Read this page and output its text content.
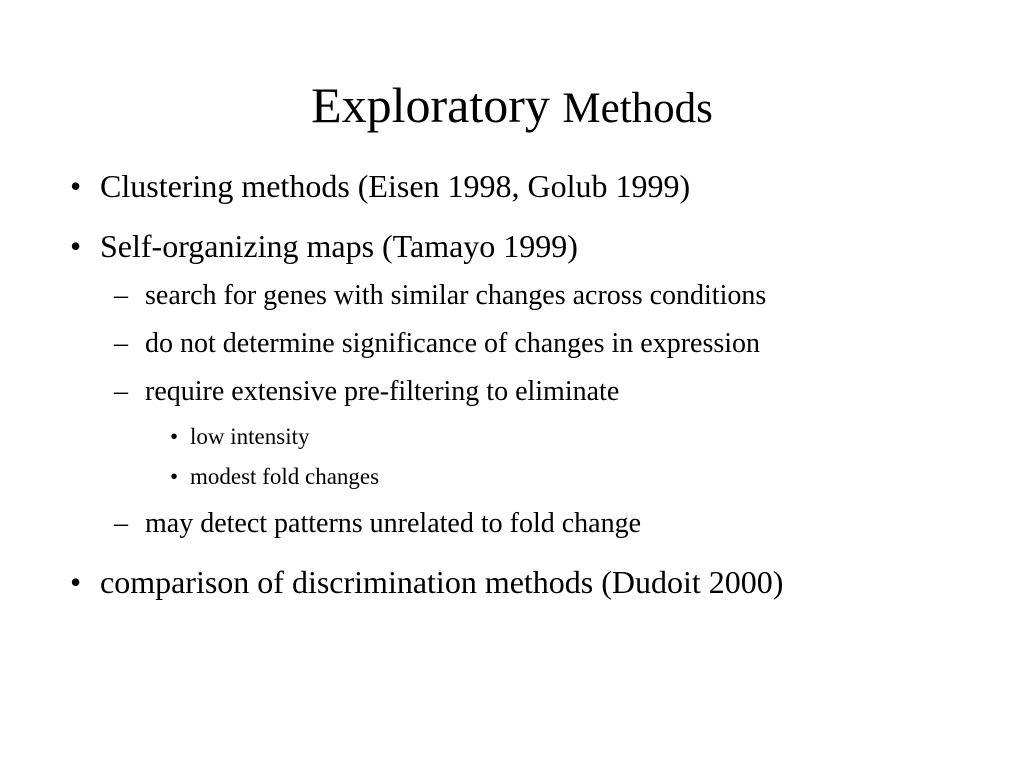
Exploratory Methods
• Clustering methods (Eisen 1998, Golub 1999)
• Self-organizing maps (Tamayo 1999)
– search for genes with similar changes across conditions
– do not determine significance of changes in expression
– require extensive pre-filtering to eliminate
• low intensity
• modest fold changes
– may detect patterns unrelated to fold change
• comparison of discrimination methods (Dudoit 2000)
